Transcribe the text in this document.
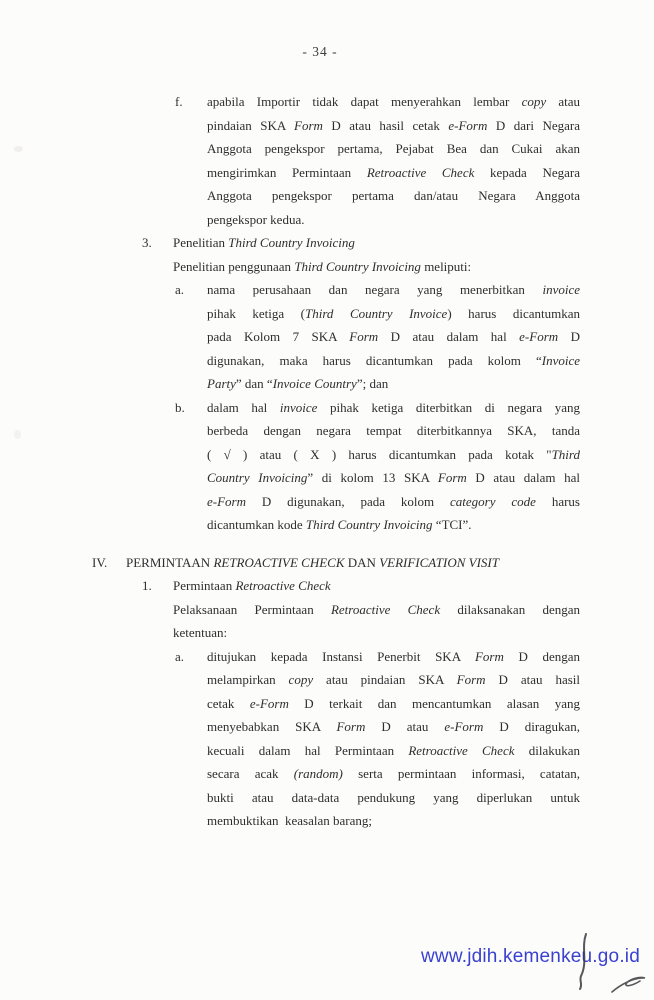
- 34 -
f. apabila Importir tidak dapat menyerahkan lembar copy atau
pindaian SKA Form D atau hasil cetak e-Form D dari Negara
Anggota pengekspor pertama, Pejabat Bea dan Cukai akan
mengirimkan Permintaan Retroactive Check kepada Negara
Anggota pengekspor pertama dan/atau Negara Anggota
pengekspor kedua.
3. Penelitian Third Country Invoicing
Penelitian penggunaan Third Country Invoicing meliputi:
a. nama perusahaan dan negara yang menerbitkan invoice
pihak ketiga (Third Country Invoice) harus dicantumkan
pada Kolom 7 SKA Form D atau dalam hal e-Form D
digunakan, maka harus dicantumkan pada kolom “Invoice
Party” dan “Invoice Country”; dan
b. dalam hal invoice pihak ketiga diterbitkan di negara yang
berbeda dengan negara tempat diterbitkannya SKA, tanda
( √ ) atau ( X ) harus dicantumkan pada kotak "Third
Country Invoicing” di kolom 13 SKA Form D atau dalam hal
e-Form D digunakan, pada kolom category code harus
dicantumkan kode Third Country Invoicing “TCI”.
IV. PERMINTAAN RETROACTIVE CHECK DAN VERIFICATION VISIT
1. Permintaan Retroactive Check
Pelaksanaan Permintaan Retroactive Check dilaksanakan dengan
ketentuan:
a. ditujukan kepada Instansi Penerbit SKA Form D dengan
melampirkan copy atau pindaian SKA Form D atau hasil
cetak e-Form D terkait dan mencantumkan alasan yang
menyebabkan SKA Form D atau e-Form D diragukan,
kecuali dalam hal Permintaan Retroactive Check dilakukan
secara acak (random) serta permintaan informasi, catatan,
bukti atau data-data pendukung yang diperlukan untuk
membuktikan  keasalan barang;
www.jdih.kemenkeu.go.id
